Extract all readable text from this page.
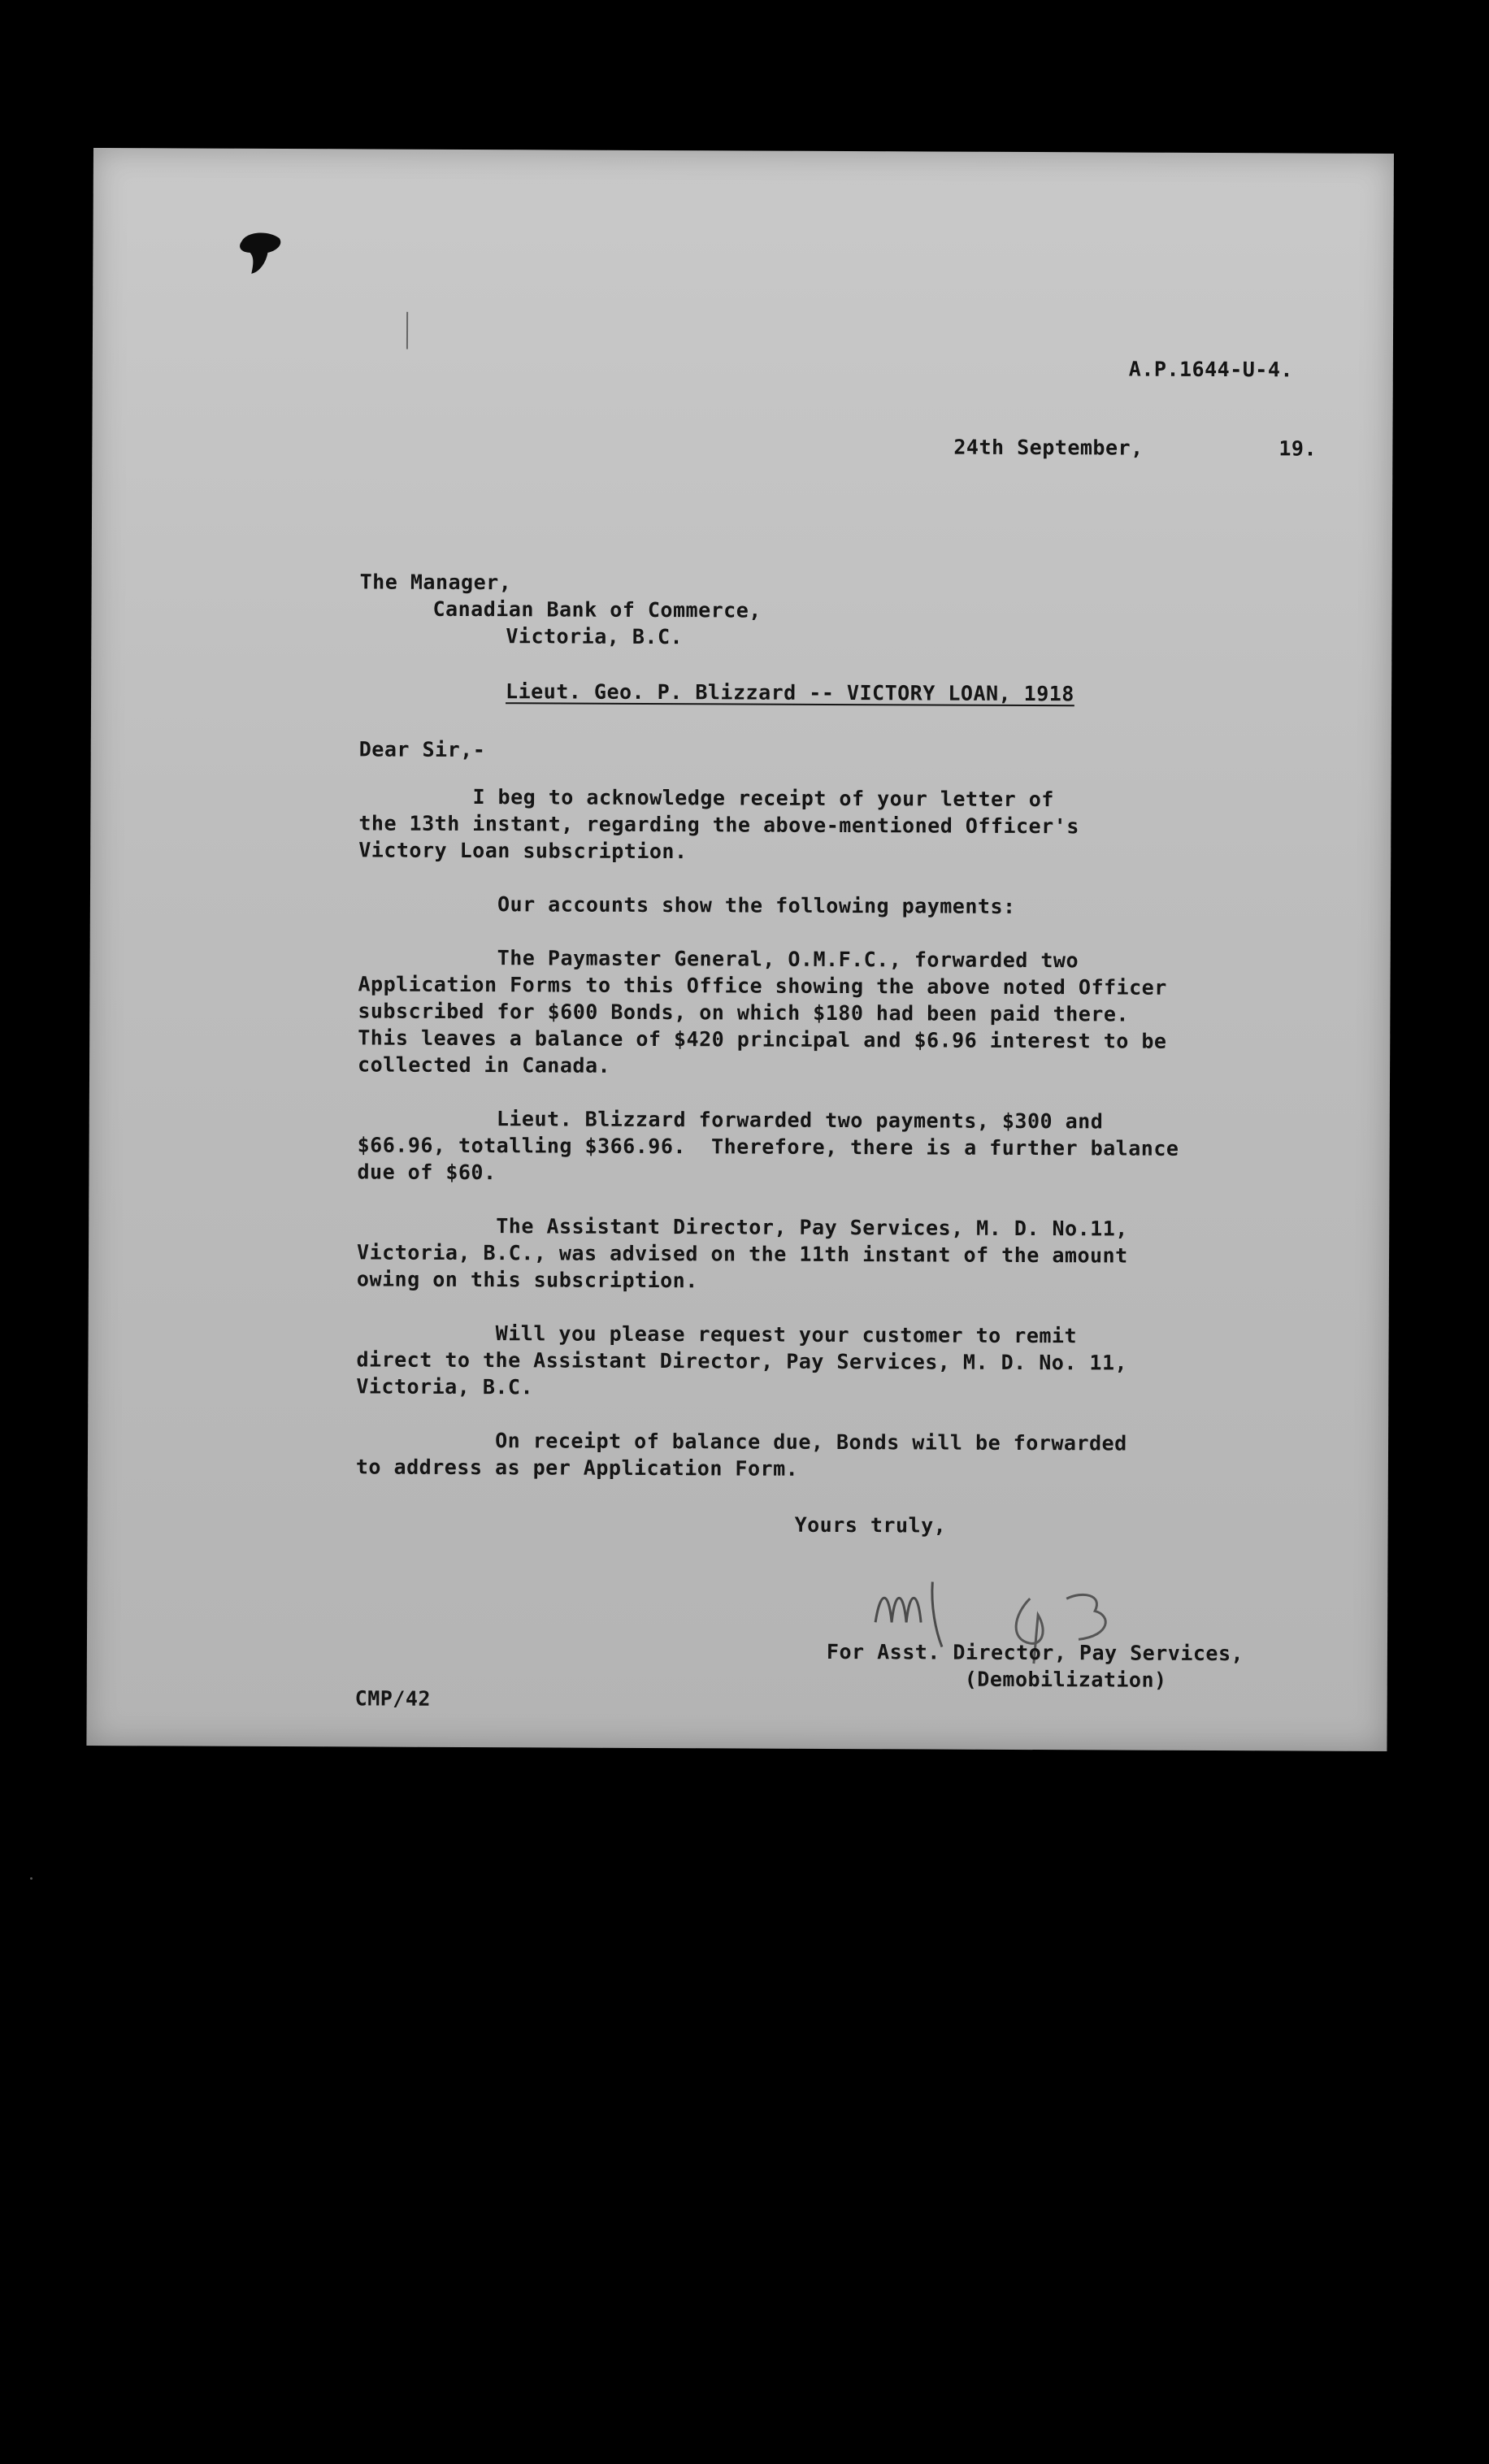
A.P.1644-U-4.
24th September,	19.
The Manager,
Canadian Bank of Commerce,
Victoria, B.C.
Lieut. Geo. P. Blizzard -- VICTORY LOAN, 1918
Dear Sir,-
I beg to acknowledge receipt of your letter of
the 13th instant, regarding the above-mentioned Officer's
Victory Loan subscription.
Our accounts show the following payments:
The Paymaster General, O.M.F.C., forwarded two
Application Forms to this Office showing the above noted Officer
subscribed for $600 Bonds, on which $180 had been paid there.
This leaves a balance of $420 principal and $6.96 interest to be
collected in Canada.
Lieut. Blizzard forwarded two payments, $300 and
$66.96, totalling $366.96.  Therefore, there is a further balance
due of $60.
The Assistant Director, Pay Services, M. D. No.11,
Victoria, B.C., was advised on the 11th instant of the amount
owing on this subscription.
Will you please request your customer to remit
direct to the Assistant Director, Pay Services, M. D. No. 11,
Victoria, B.C.
On receipt of balance due, Bonds will be forwarded
to address as per Application Form.
Yours truly,
For Asst. Director, Pay Services,
(Demobilization)
CMP/42
